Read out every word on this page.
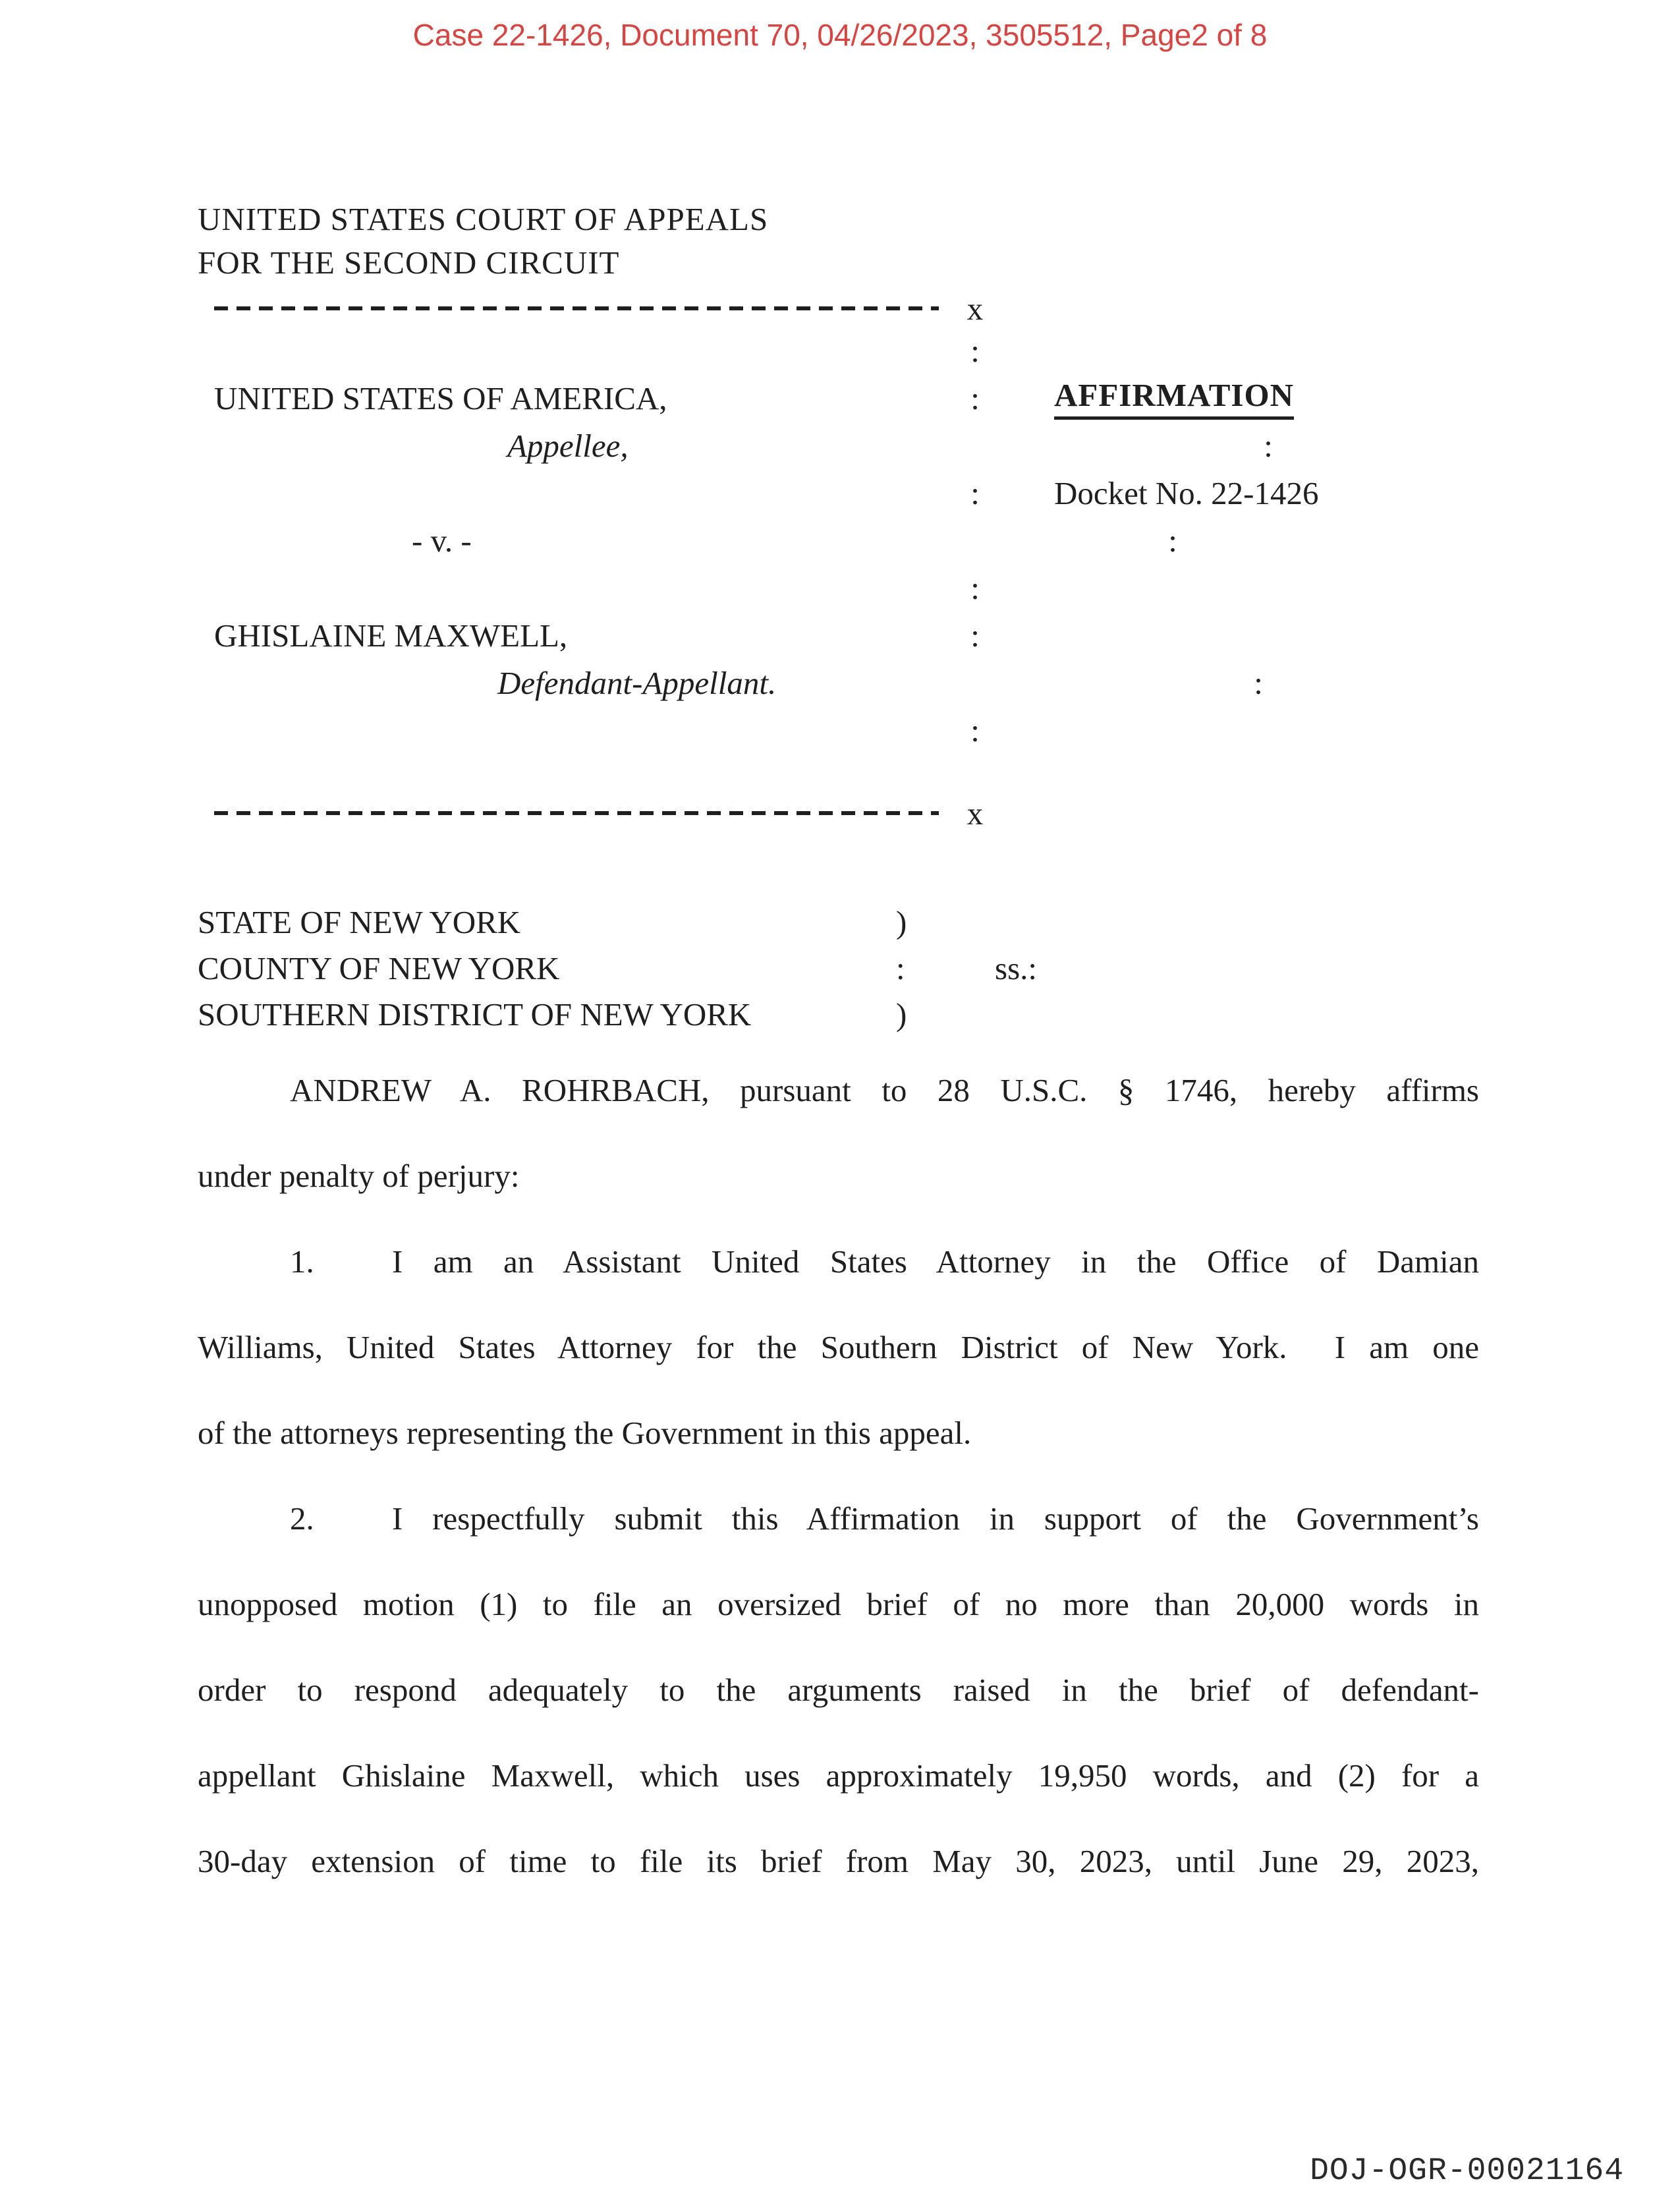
Case 22-1426, Document 70, 04/26/2023, 3505512, Page2 of 8
UNITED STATES COURT OF APPEALS
FOR THE SECOND CIRCUIT
x
:
UNITED STATES OF AMERICA,	:	AFFIRMATION
Appellee,	:
:	Docket No. 22-1426
- v. -	:
:
GHISLAINE MAXWELL,	:
Defendant-Appellant.	:
:
x
STATE OF NEW YORK	)
COUNTY OF NEW YORK	:	ss.:
SOUTHERN DISTRICT OF NEW YORK	)
ANDREW A. ROHRBACH, pursuant to 28 U.S.C. § 1746, hereby affirms
under penalty of perjury:
1. I am an Assistant United States Attorney in the Office of Damian
Williams, United States Attorney for the Southern District of New York.  I am one
of the attorneys representing the Government in this appeal.
2. I respectfully submit this Affirmation in support of the Government’s
unopposed motion (1) to file an oversized brief of no more than 20,000 words in
order to respond adequately to the arguments raised in the brief of defendant-
appellant Ghislaine Maxwell, which uses approximately 19,950 words, and (2) for a
30-day extension of time to file its brief from May 30, 2023, until June 29, 2023,
DOJ-OGR-00021164
